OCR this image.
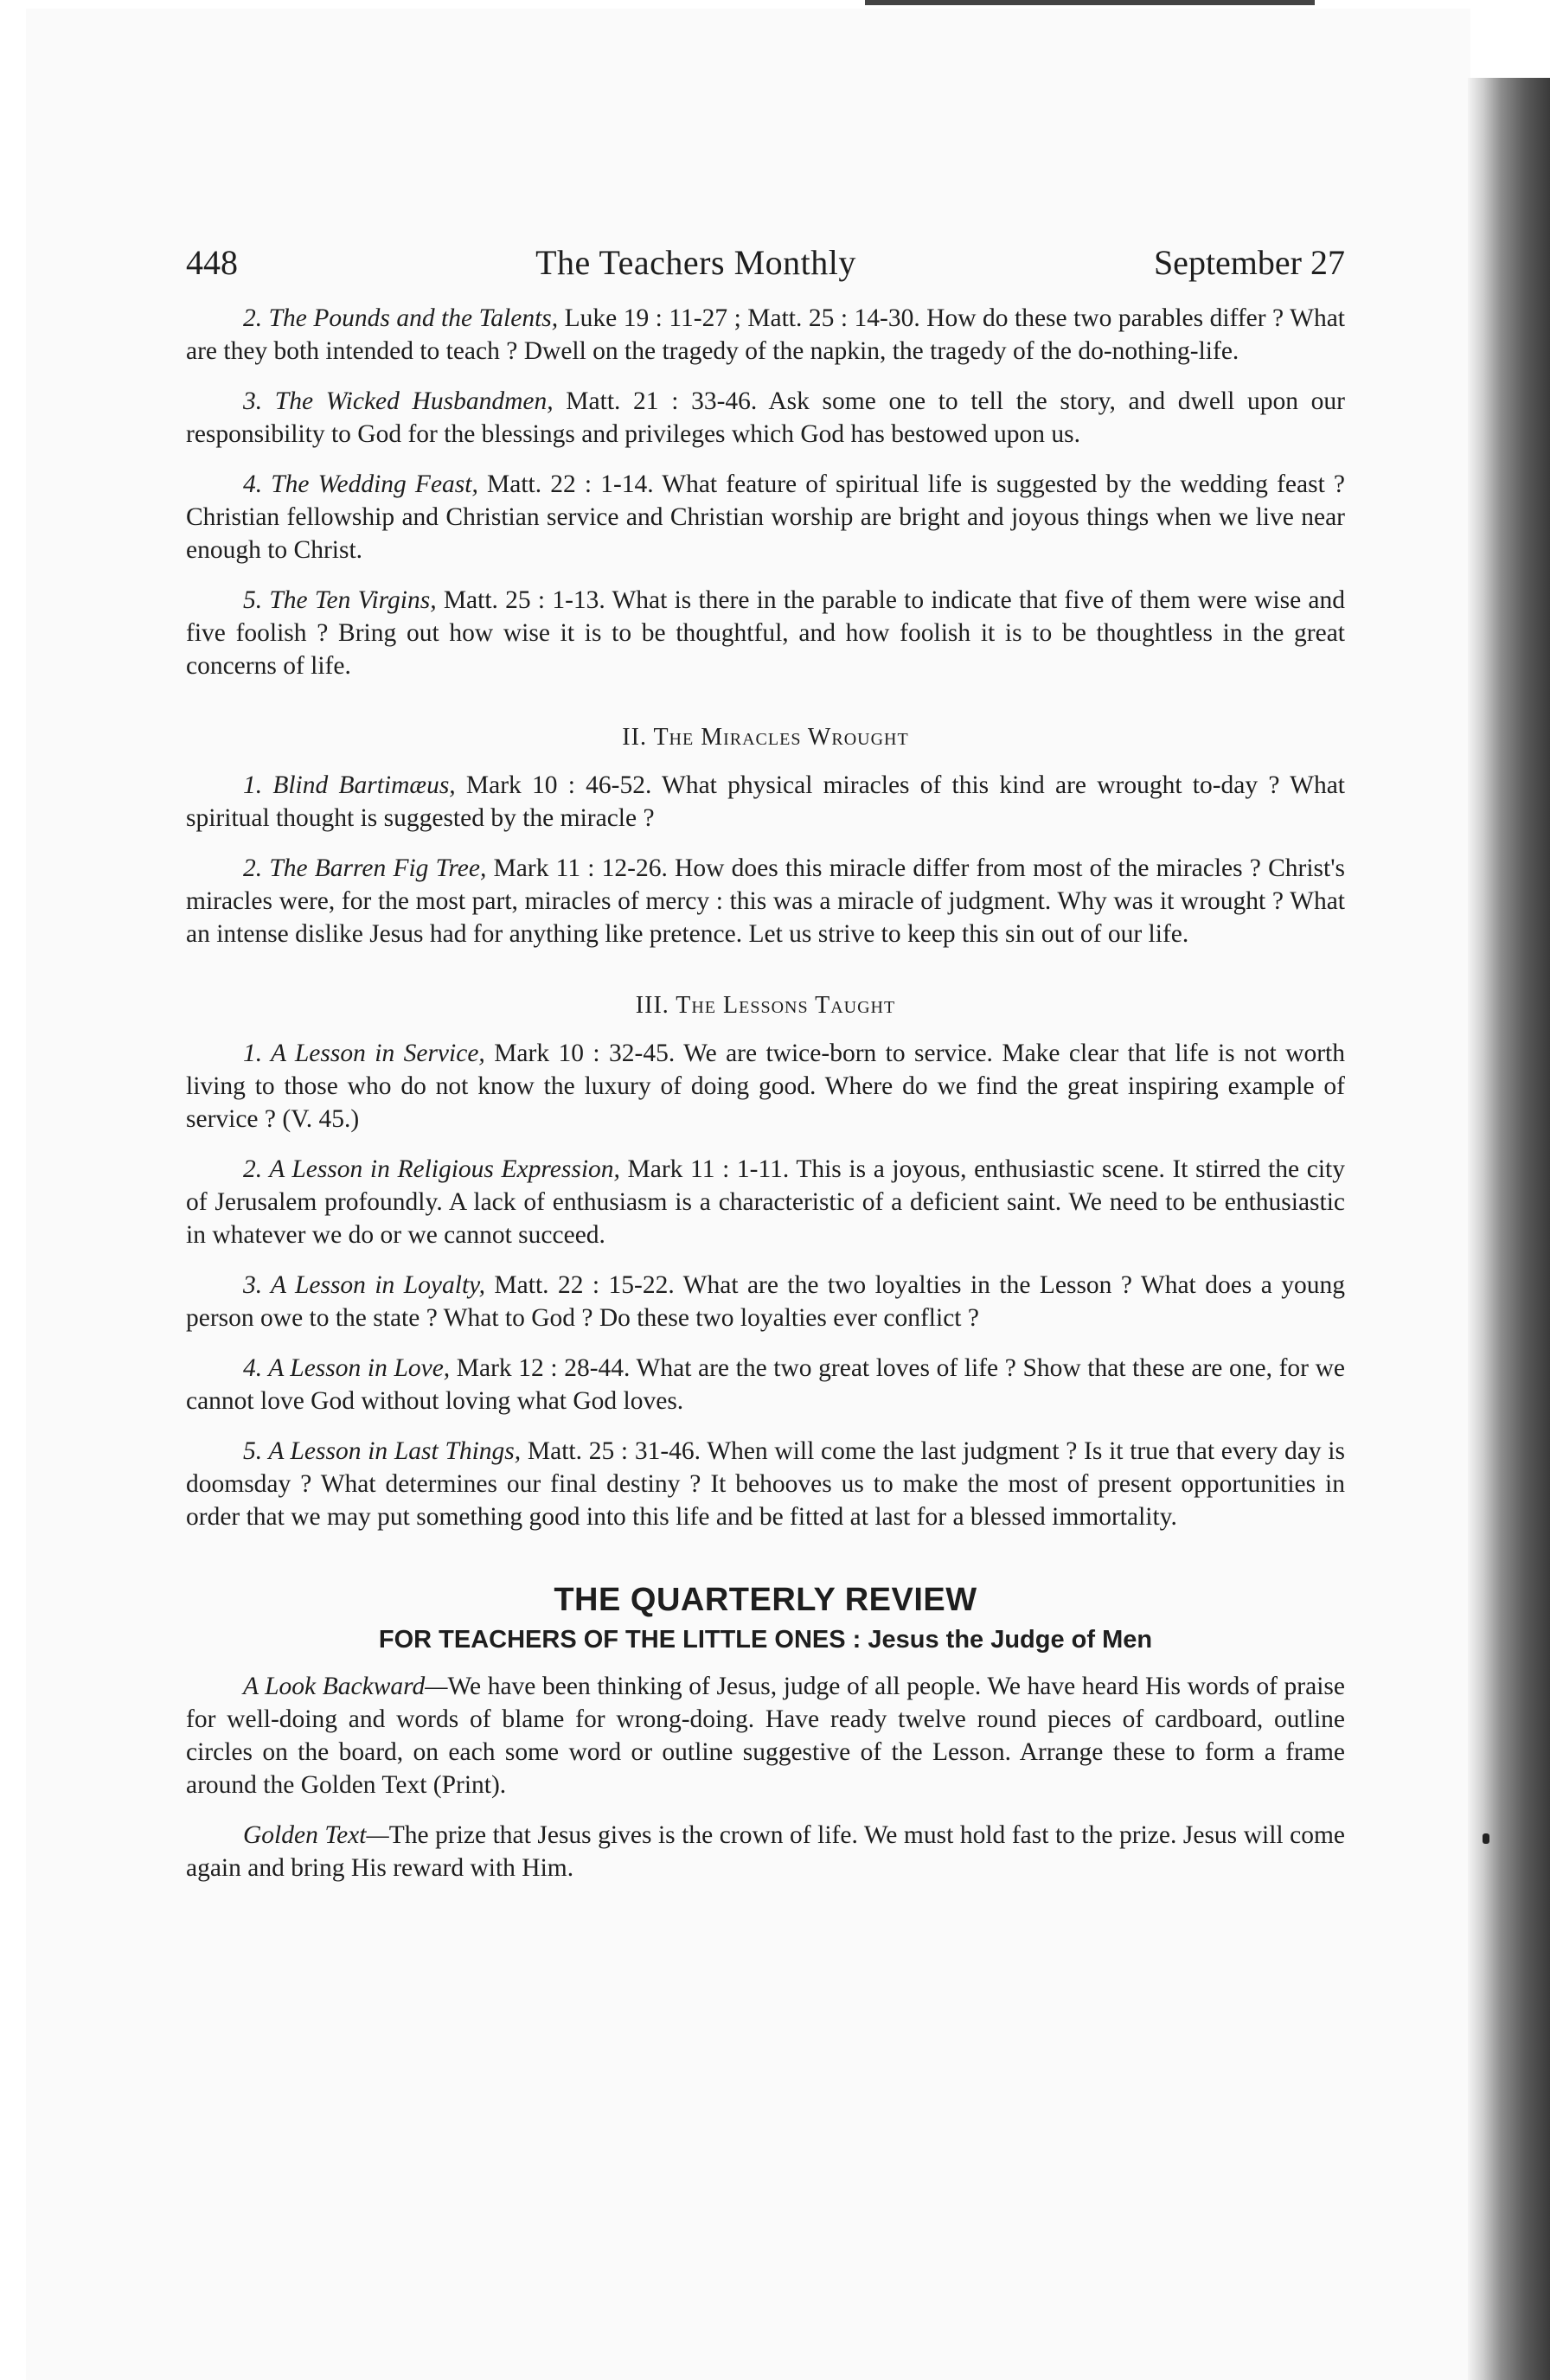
448	The Teachers Monthly	September 27

2. The Pounds and the Talents, Luke 19 : 11-27 ; Matt. 25 : 14-30. How do these two parables differ ? What are they both intended to teach ? Dwell on the tragedy of the napkin, the tragedy of the do-nothing-life.

3. The Wicked Husbandmen, Matt. 21 : 33-46. Ask some one to tell the story, and dwell upon our responsibility to God for the blessings and privileges which God has bestowed upon us.

4. The Wedding Feast, Matt. 22 : 1-14. What feature of spiritual life is suggested by the wedding feast ? Christian fellowship and Christian service and Christian worship are bright and joyous things when we live near enough to Christ.

5. The Ten Virgins, Matt. 25 : 1-13. What is there in the parable to indicate that five of them were wise and five foolish ? Bring out how wise it is to be thoughtful, and how foolish it is to be thoughtless in the great concerns of life.

II. The Miracles Wrought

1. Blind Bartimæus, Mark 10 : 46-52. What physical miracles of this kind are wrought to-day ? What spiritual thought is suggested by the miracle ?

2. The Barren Fig Tree, Mark 11 : 12-26. How does this miracle differ from most of the miracles ? Christ's miracles were, for the most part, miracles of mercy : this was a miracle of judgment. Why was it wrought ? What an intense dislike Jesus had for anything like pretence. Let us strive to keep this sin out of our life.

III. The Lessons Taught

1. A Lesson in Service, Mark 10 : 32-45. We are twice-born to service. Make clear that life is not worth living to those who do not know the luxury of doing good. Where do we find the great inspiring example of service ? (V. 45.)

2. A Lesson in Religious Expression, Mark 11 : 1-11. This is a joyous, enthusiastic scene. It stirred the city of Jerusalem profoundly. A lack of enthusiasm is a characteristic of a deficient saint. We need to be enthusiastic in whatever we do or we cannot succeed.

3. A Lesson in Loyalty, Matt. 22 : 15-22. What are the two loyalties in the Lesson ? What does a young person owe to the state ? What to God ? Do these two loyalties ever conflict ?

4. A Lesson in Love, Mark 12 : 28-44. What are the two great loves of life ? Show that these are one, for we cannot love God without loving what God loves.

5. A Lesson in Last Things, Matt. 25 : 31-46. When will come the last judgment ? Is it true that every day is doomsday ? What determines our final destiny ? It behooves us to make the most of present opportunities in order that we may put something good into this life and be fitted at last for a blessed immortality.

THE QUARTERLY REVIEW
FOR TEACHERS OF THE LITTLE ONES : Jesus the Judge of Men

A Look Backward—We have been thinking of Jesus, judge of all people. We have heard His words of praise for well-doing and words of blame for wrong-doing. Have ready twelve round pieces of cardboard, outline circles on the board, on each some word or outline suggestive of the Lesson. Arrange these to form a frame around the Golden Text (Print).

Golden Text—The prize that Jesus gives is the crown of life. We must hold fast to the prize. Jesus will come again and bring His reward with Him.
